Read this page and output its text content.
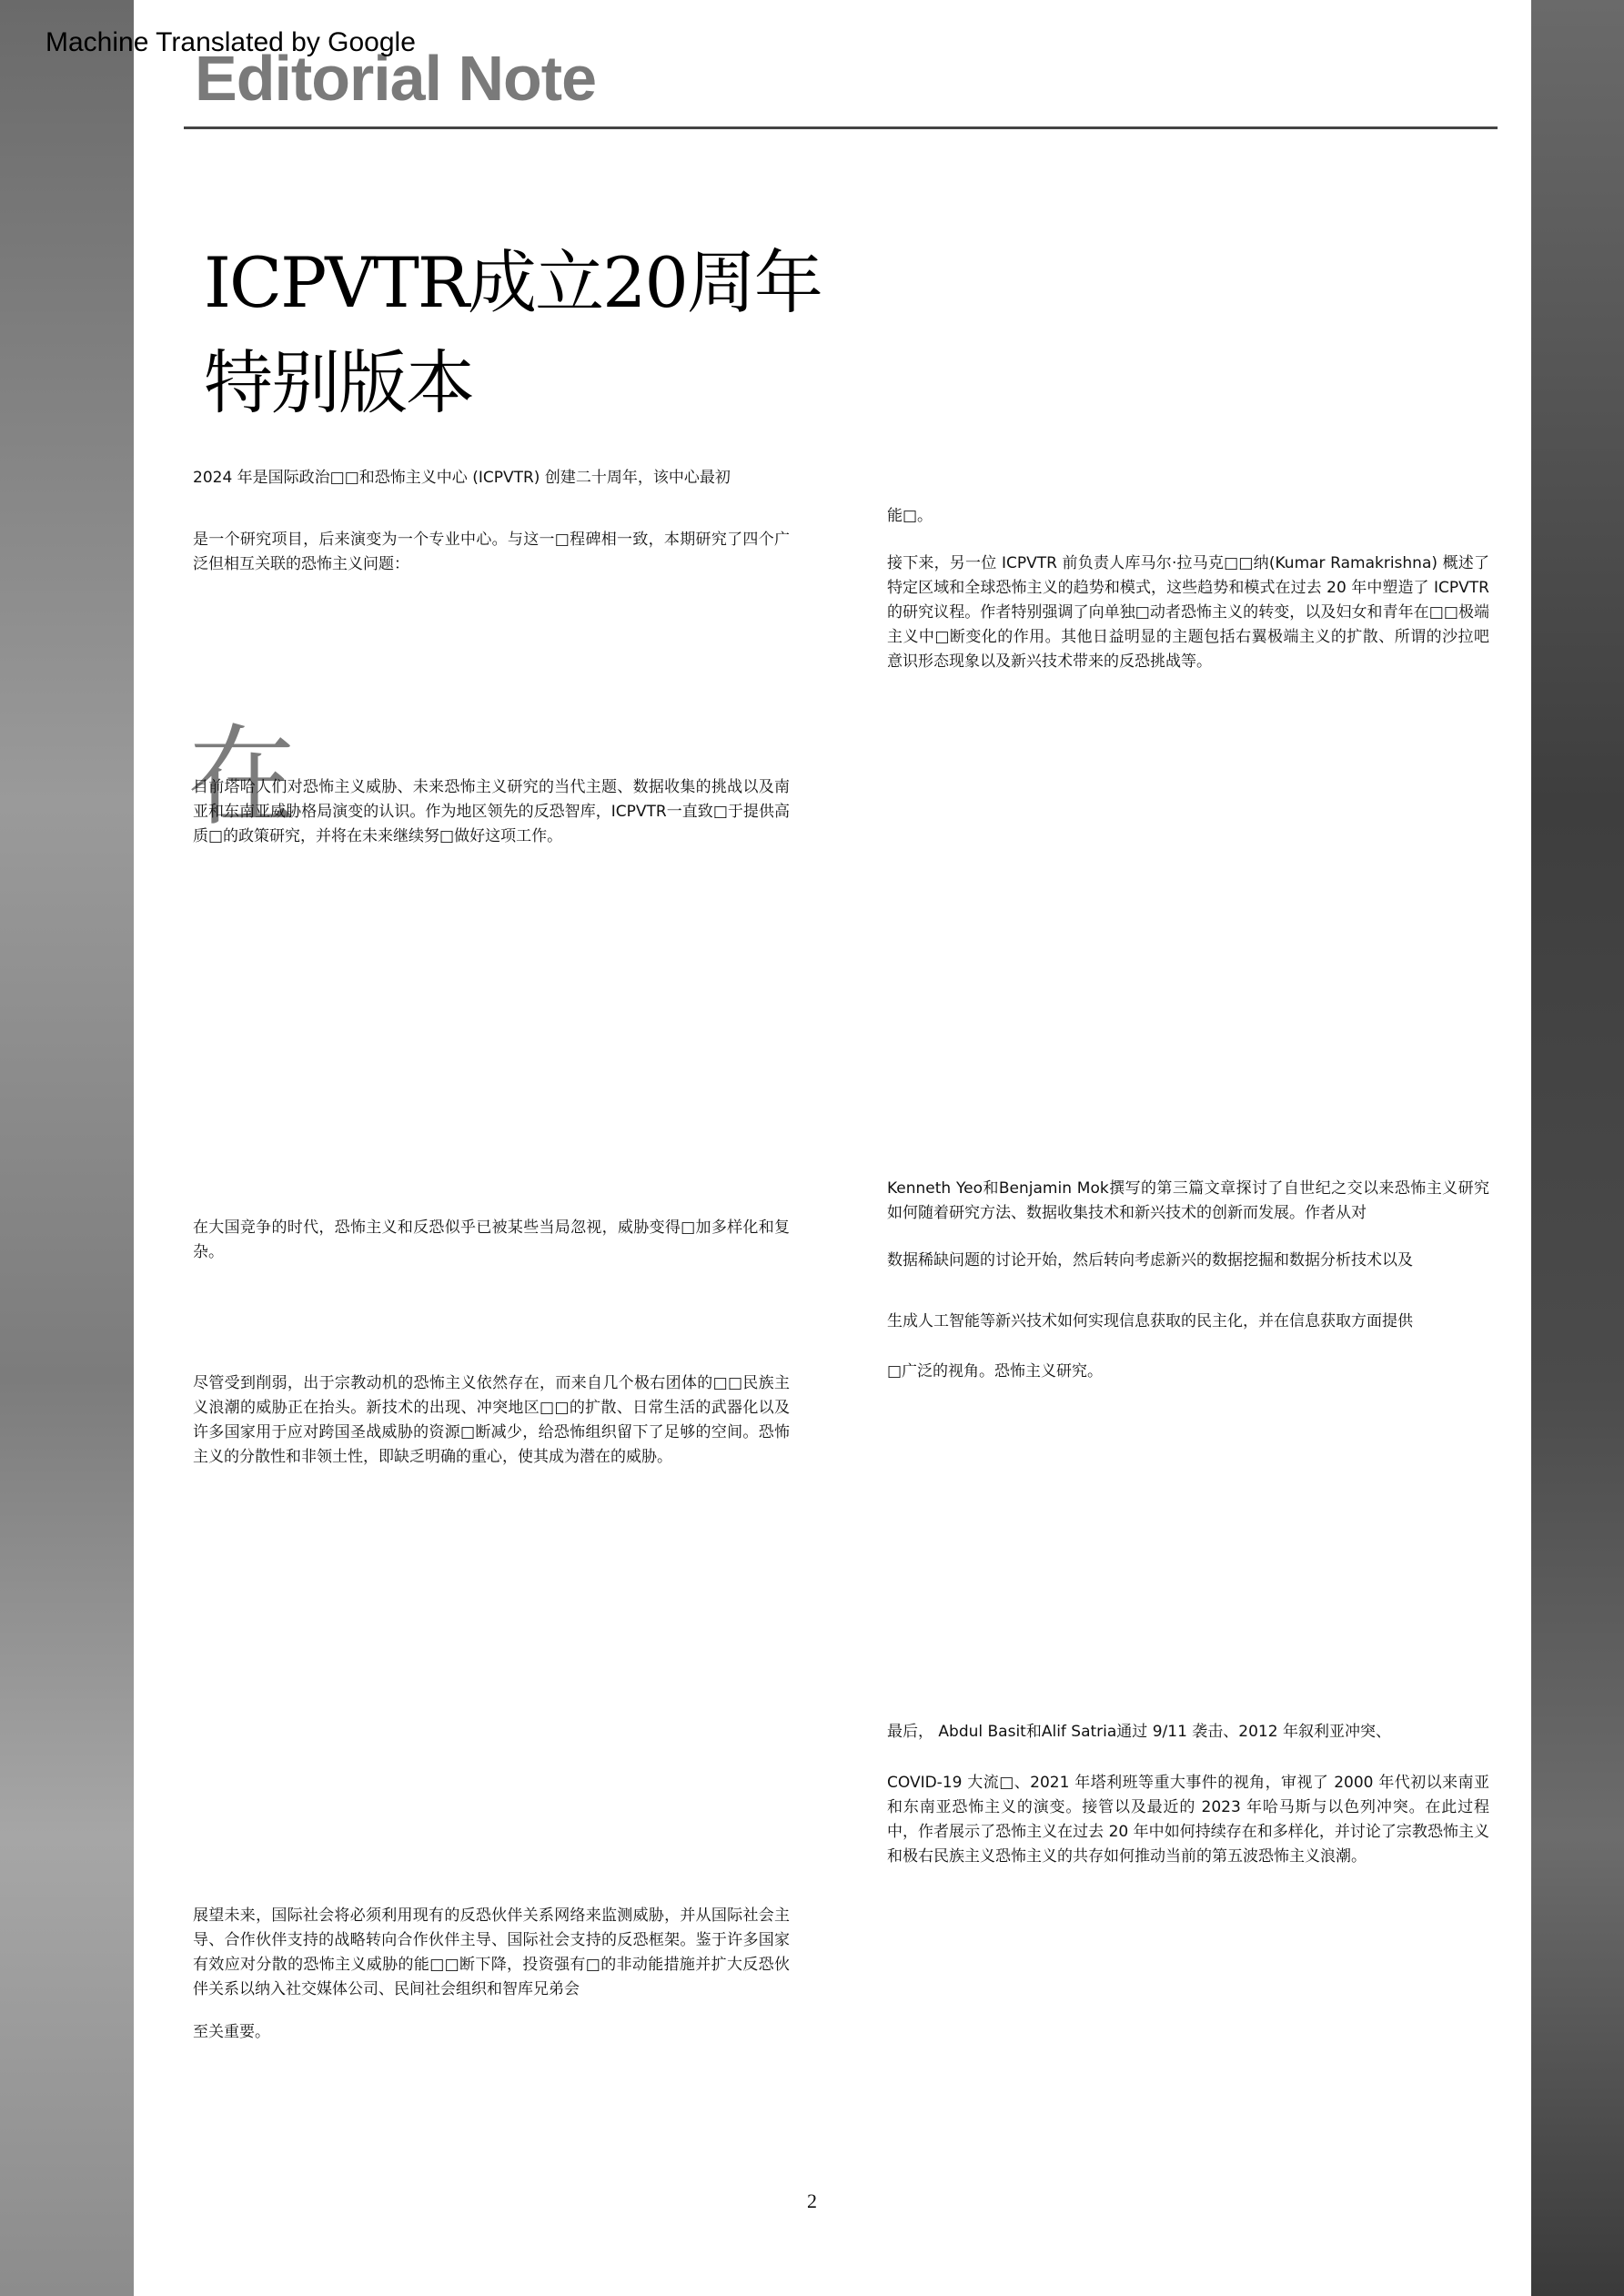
Machine Translated by Google
Editorial Note
ICPVTR成立20周年
特别版本

2024 年是国际政治□□和恐怖主义中心 (ICPVTR) 创建二十周年，该中心最初

是一个研究项目，后来演变为一个专业中心。与这一□程碑相一致，本期研究了四个广泛但相互关联的恐怖主义问题：

在

目前塔哈人们对恐怖主义威胁、未来恐怖主义研究的当代主题、数据收集的挑战以及南亚和东南亚威胁格局演变的认识。作为地区领先的反恐智库，ICPVTR一直致□于提供高质□的政策研究，并将在未来继续努□做好这项工作。

在大国竞争的时代，恐怖主义和反恐似乎已被某些当局忽视，威胁变得□加多样化和复杂。

尽管受到削弱，出于宗教动机的恐怖主义依然存在，而来自几个极右团体的□□民族主义浪潮的威胁正在抬头。新技术的出现、冲突地区□□的扩散、日常生活的武器化以及许多国家用于应对跨国圣战威胁的资源□断减少，给恐怖组织留下了足够的空间。恐怖主义的分散性和非领土性，即缺乏明确的重心，使其成为潜在的威胁。

展望未来，国际社会将必须利用现有的反恐伙伴关系网络来监测威胁，并从国际社会主导、合作伙伴支持的战略转向合作伙伴主导、国际社会支持的反恐框架。鉴于许多国家有效应对分散的恐怖主义威胁的能□□断下降，投资强有□的非动能措施并扩大反恐伙伴关系以纳入社交媒体公司、民间社会组织和智库兄弟会

至关重要。

能□。

接下来，另一位 ICPVTR 前负责人库马尔·拉马克□□纳(Kumar Ramakrishna) 概述了特定区域和全球恐怖主义的趋势和模式，这些趋势和模式在过去 20 年中塑造了 ICPVTR 的研究议程。作者特别强调了向单独□动者恐怖主义的转变，以及妇女和青年在□□极端主义中□断变化的作用。其他日益明显的主题包括右翼极端主义的扩散、所谓的沙拉吧意识形态现象以及新兴技术带来的反恐挑战等。

Kenneth Yeo和Benjamin Mok撰写的第三篇文章探讨了自世纪之交以来恐怖主义研究如何随着研究方法、数据收集技术和新兴技术的创新而发展。作者从对

数据稀缺问题的讨论开始，然后转向考虑新兴的数据挖掘和数据分析技术以及

生成人工智能等新兴技术如何实现信息获取的民主化，并在信息获取方面提供

□广泛的视角。恐怖主义研究。

最后， Abdul Basit和Alif Satria通过 9/11 袭击、2012 年叙利亚冲突、

COVID-19 大流□、2021 年塔利班等重大事件的视角，审视了 2000 年代初以来南亚和东南亚恐怖主义的演变。接管以及最近的 2023 年哈马斯与以色列冲突。在此过程中，作者展示了恐怖主义在过去 20 年中如何持续存在和多样化，并讨论了宗教恐怖主义和极右民族主义恐怖主义的共存如何推动当前的第五波恐怖主义浪潮。

2
